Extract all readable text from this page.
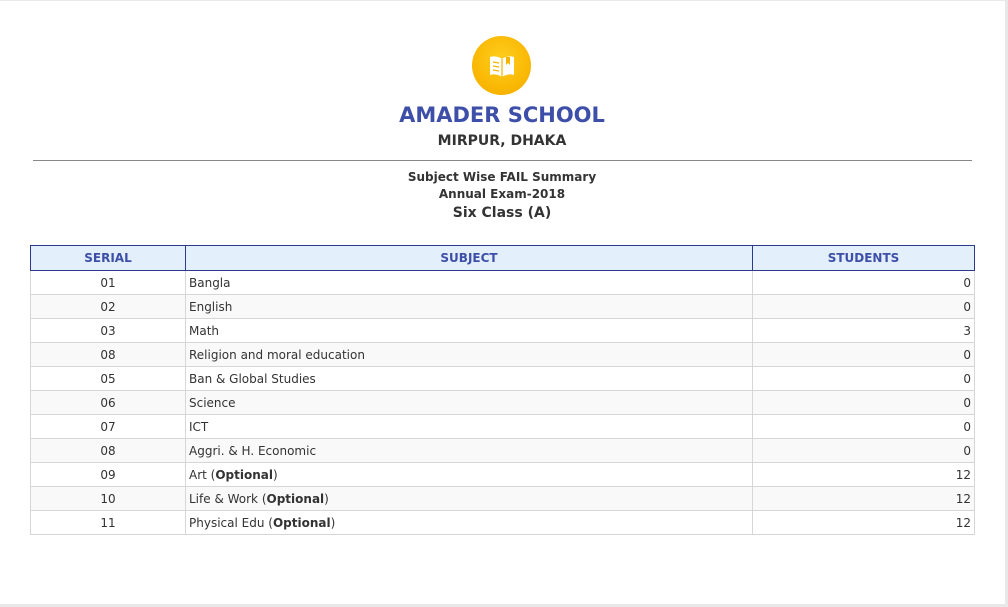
AMADER SCHOOL
MIRPUR, DHAKA
Subject Wise FAIL Summary
Annual Exam-2018
Six Class (A)
SERIAL	SUBJECT	STUDENTS
01	Bangla	0
02	English	0
03	Math	3
08	Religion and moral education	0
05	Ban & Global Studies	0
06	Science	0
07	ICT	0
08	Aggri. & H. Economic	0
09	Art (Optional)	12
10	Life & Work (Optional)	12
11	Physical Edu (Optional)	12
